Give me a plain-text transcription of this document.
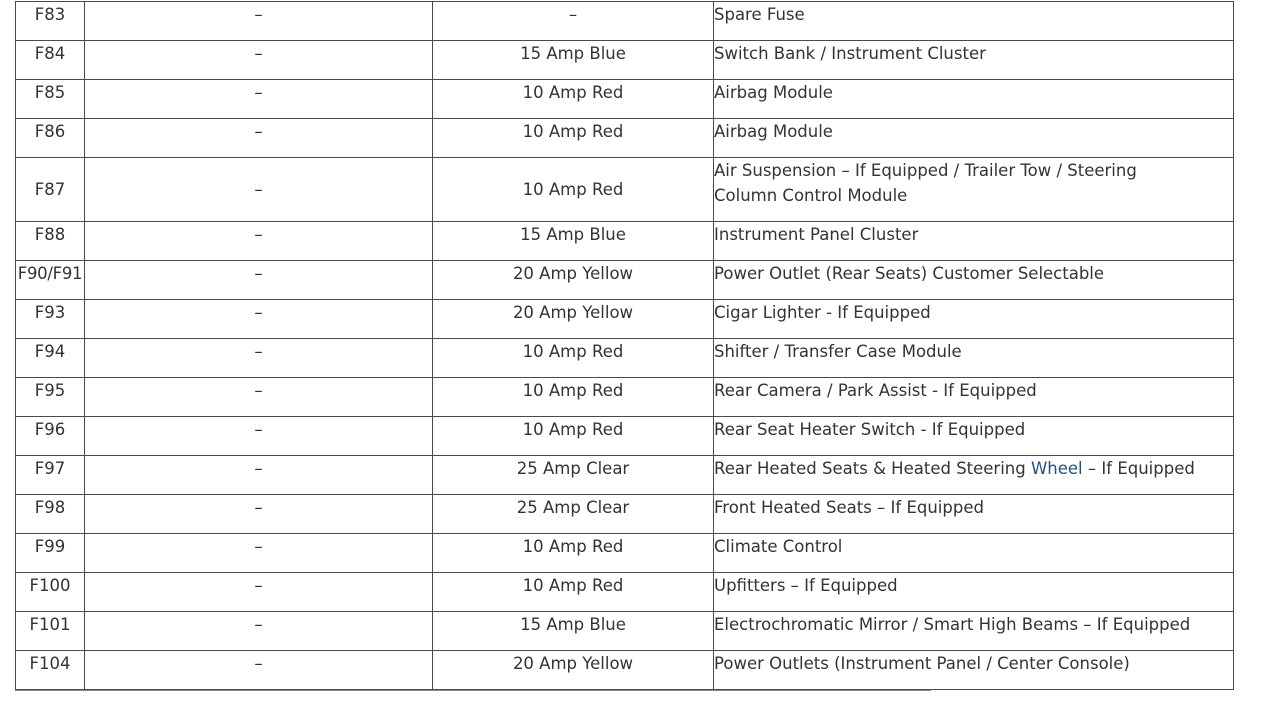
F83	–	–	Spare Fuse
F84	–	15 Amp Blue	Switch Bank / Instrument Cluster
F85	–	10 Amp Red	Airbag Module
F86	–	10 Amp Red	Airbag Module
F87	–	10 Amp Red	Air Suspension – If Equipped / Trailer Tow / Steering Column Control Module
F88	–	15 Amp Blue	Instrument Panel Cluster
F90/F91	–	20 Amp Yellow	Power Outlet (Rear Seats) Customer Selectable
F93	–	20 Amp Yellow	Cigar Lighter - If Equipped
F94	–	10 Amp Red	Shifter / Transfer Case Module
F95	–	10 Amp Red	Rear Camera / Park Assist - If Equipped
F96	–	10 Amp Red	Rear Seat Heater Switch - If Equipped
F97	–	25 Amp Clear	Rear Heated Seats & Heated Steering Wheel – If Equipped
F98	–	25 Amp Clear	Front Heated Seats – If Equipped
F99	–	10 Amp Red	Climate Control
F100	–	10 Amp Red	Upfitters – If Equipped
F101	–	15 Amp Blue	Electrochromatic Mirror / Smart High Beams – If Equipped
F104	–	20 Amp Yellow	Power Outlets (Instrument Panel / Center Console)
